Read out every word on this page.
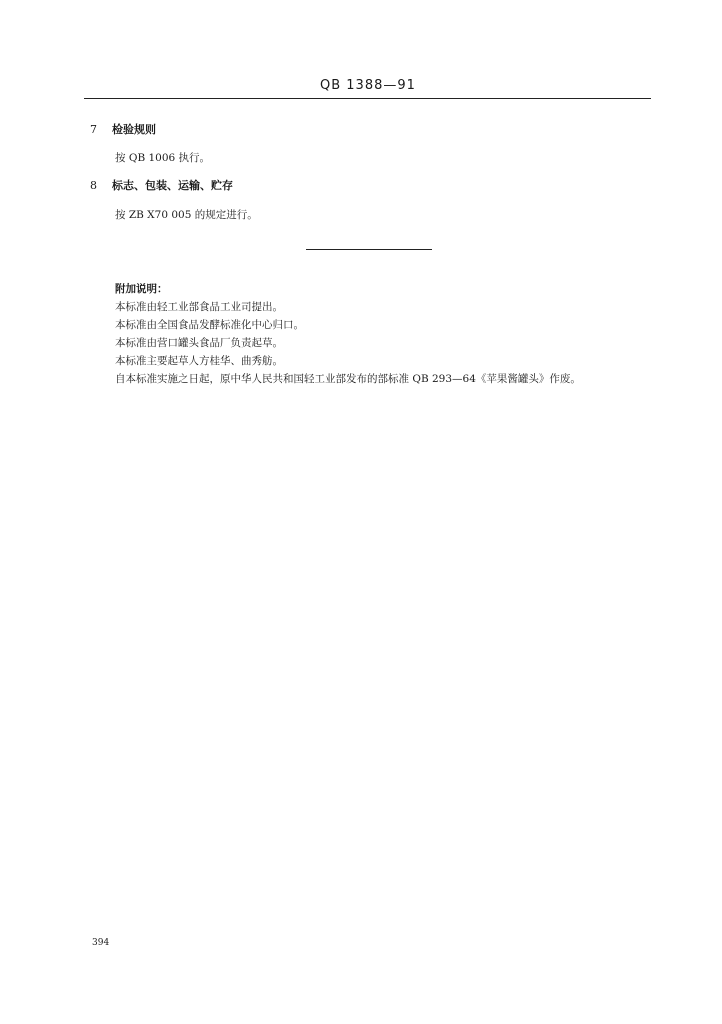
QB 1388—91
7 检验规则
按 QB 1006 执行。
8 标志、包装、运输、贮存
按 ZB X70 005 的规定进行。
附加说明：
本标准由轻工业部食品工业司提出。
本标准由全国食品发酵标准化中心归口。
本标准由营口罐头食品厂负责起草。
本标准主要起草人方桂华、曲秀舫。
自本标准实施之日起，原中华人民共和国轻工业部发布的部标准 QB 293—64《苹果酱罐头》作废。
394
